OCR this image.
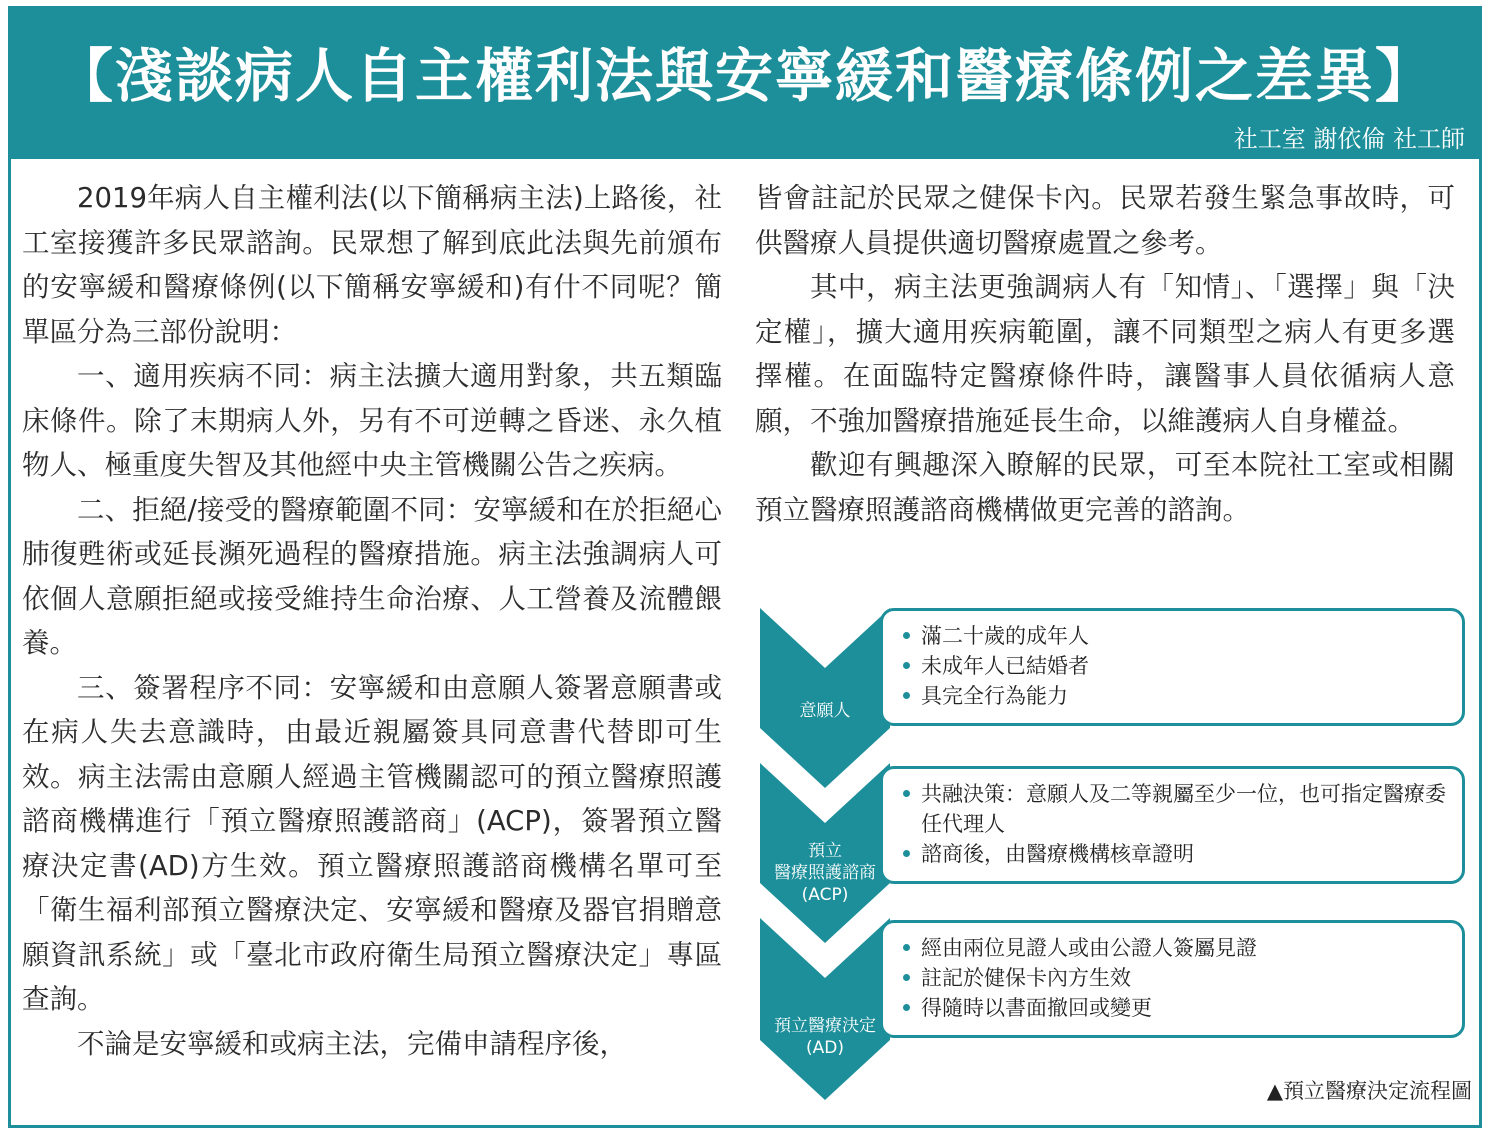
【淺談病人自主權利法與安寧緩和醫療條例之差異】
社工室 謝依倫 社工師

2019年病人自主權利法(以下簡稱病主法)上路後，社工室接獲許多民眾諮詢。民眾想了解到底此法與先前頒布的安寧緩和醫療條例(以下簡稱安寧緩和)有什不同呢？簡單區分為三部份說明：

一、適用疾病不同：病主法擴大適用對象，共五類臨床條件。除了末期病人外，另有不可逆轉之昏迷、永久植物人、極重度失智及其他經中央主管機關公告之疾病。

二、拒絕/接受的醫療範圍不同：安寧緩和在於拒絕心肺復甦術或延長瀕死過程的醫療措施。病主法強調病人可依個人意願拒絕或接受維持生命治療、人工營養及流體餵養。

三、簽署程序不同：安寧緩和由意願人簽署意願書或在病人失去意識時，由最近親屬簽具同意書代替即可生效。病主法需由意願人經過主管機關認可的預立醫療照護諮商機構進行「預立醫療照護諮商」(ACP)，簽署預立醫療決定書(AD)方生效。預立醫療照護諮商機構名單可至「衛生福利部預立醫療決定、安寧緩和醫療及器官捐贈意願資訊系統」或「臺北市政府衛生局預立醫療決定」專區查詢。

不論是安寧緩和或病主法，完備申請程序後，

皆會註記於民眾之健保卡內。民眾若發生緊急事故時，可供醫療人員提供適切醫療處置之參考。

其中，病主法更強調病人有「知情」、「選擇」與「決定權」，擴大適用疾病範圍，讓不同類型之病人有更多選擇權。在面臨特定醫療條件時，讓醫事人員依循病人意願，不強加醫療措施延長生命，以維護病人自身權益。

歡迎有興趣深入瞭解的民眾，可至本院社工室或相關預立醫療照護諮商機構做更完善的諮詢。

意願人
預立
醫療照護諮商
(ACP)
預立醫療決定
(AD)
滿二十歲的成年人
未成年人已結婚者
具完全行為能力
共融決策：意願人及二等親屬至少一位，也可指定醫療委任代理人
諮商後，由醫療機構核章證明
經由兩位見證人或由公證人簽屬見證
註記於健保卡內方生效
得隨時以書面撤回或變更
▲預立醫療決定流程圖
